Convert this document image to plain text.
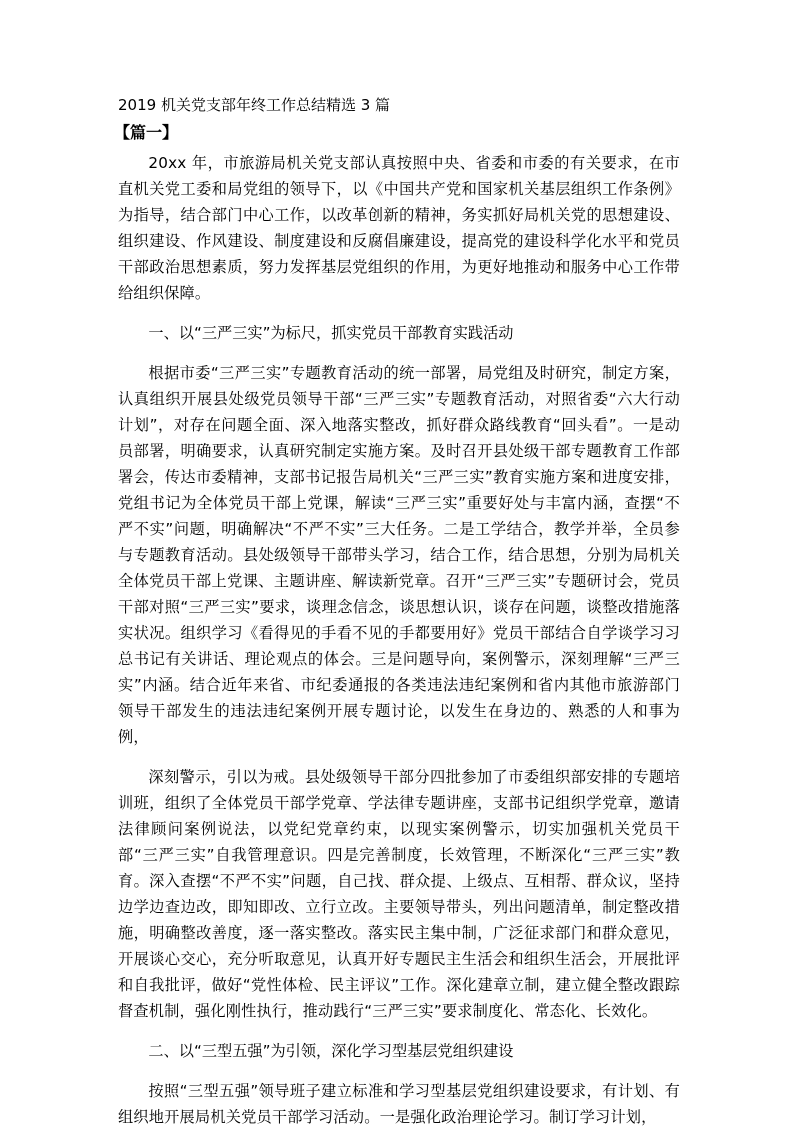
2019 机关党支部年终工作总结精选 3 篇
【篇一】

20xx 年，市旅游局机关党支部认真按照中央、省委和市委的有关要求，在市直机关党工委和局党组的领导下，以《中国共产党和国家机关基层组织工作条例》为指导，结合部门中心工作，以改革创新的精神，务实抓好局机关党的思想建设、组织建设、作风建设、制度建设和反腐倡廉建设，提高党的建设科学化水平和党员干部政治思想素质，努力发挥基层党组织的作用，为更好地推动和服务中心工作带给组织保障。

一、以“三严三实”为标尺，抓实党员干部教育实践活动

根据市委“三严三实”专题教育活动的统一部署，局党组及时研究，制定方案，认真组织开展县处级党员领导干部“三严三实”专题教育活动，对照省委“六大行动计划”，对存在问题全面、深入地落实整改，抓好群众路线教育“回头看”。一是动员部署，明确要求，认真研究制定实施方案。及时召开县处级干部专题教育工作部署会，传达市委精神，支部书记报告局机关“三严三实”教育实施方案和进度安排，党组书记为全体党员干部上党课，解读“三严三实”重要好处与丰富内涵，查摆“不严不实”问题，明确解决“不严不实”三大任务。二是工学结合，教学并举，全员参与专题教育活动。县处级领导干部带头学习，结合工作，结合思想，分别为局机关全体党员干部上党课、主题讲座、解读新党章。召开“三严三实”专题研讨会，党员干部对照“三严三实”要求，谈理念信念，谈思想认识，谈存在问题，谈整改措施落实状况。组织学习《看得见的手看不见的手都要用好》党员干部结合自学谈学习习总书记有关讲话、理论观点的体会。三是问题导向，案例警示，深刻理解“三严三实”内涵。结合近年来省、市纪委通报的各类违法违纪案例和省内其他市旅游部门领导干部发生的违法违纪案例开展专题讨论，以发生在身边的、熟悉的人和事为例，

深刻警示，引以为戒。县处级领导干部分四批参加了市委组织部安排的专题培训班，组织了全体党员干部学党章、学法律专题讲座，支部书记组织学党章，邀请法律顾问案例说法，以党纪党章约束，以现实案例警示，切实加强机关党员干部“三严三实”自我管理意识。四是完善制度，长效管理，不断深化“三严三实”教育。深入查摆“不严不实”问题，自己找、群众提、上级点、互相帮、群众议，坚持边学边查边改，即知即改、立行立改。主要领导带头，列出问题清单，制定整改措施，明确整改善度，逐一落实整改。落实民主集中制，广泛征求部门和群众意见，开展谈心交心，充分听取意见，认真开好专题民主生活会和组织生活会，开展批评和自我批评，做好“党性体检、民主评议”工作。深化建章立制，建立健全整改跟踪督查机制，强化刚性执行，推动践行“三严三实”要求制度化、常态化、长效化。

二、以“三型五强”为引领，深化学习型基层党组织建设

按照“三型五强”领导班子建立标准和学习型基层党组织建设要求，有计划、有组织地开展局机关党员干部学习活动。一是强化政治理论学习。制订学习计划，
